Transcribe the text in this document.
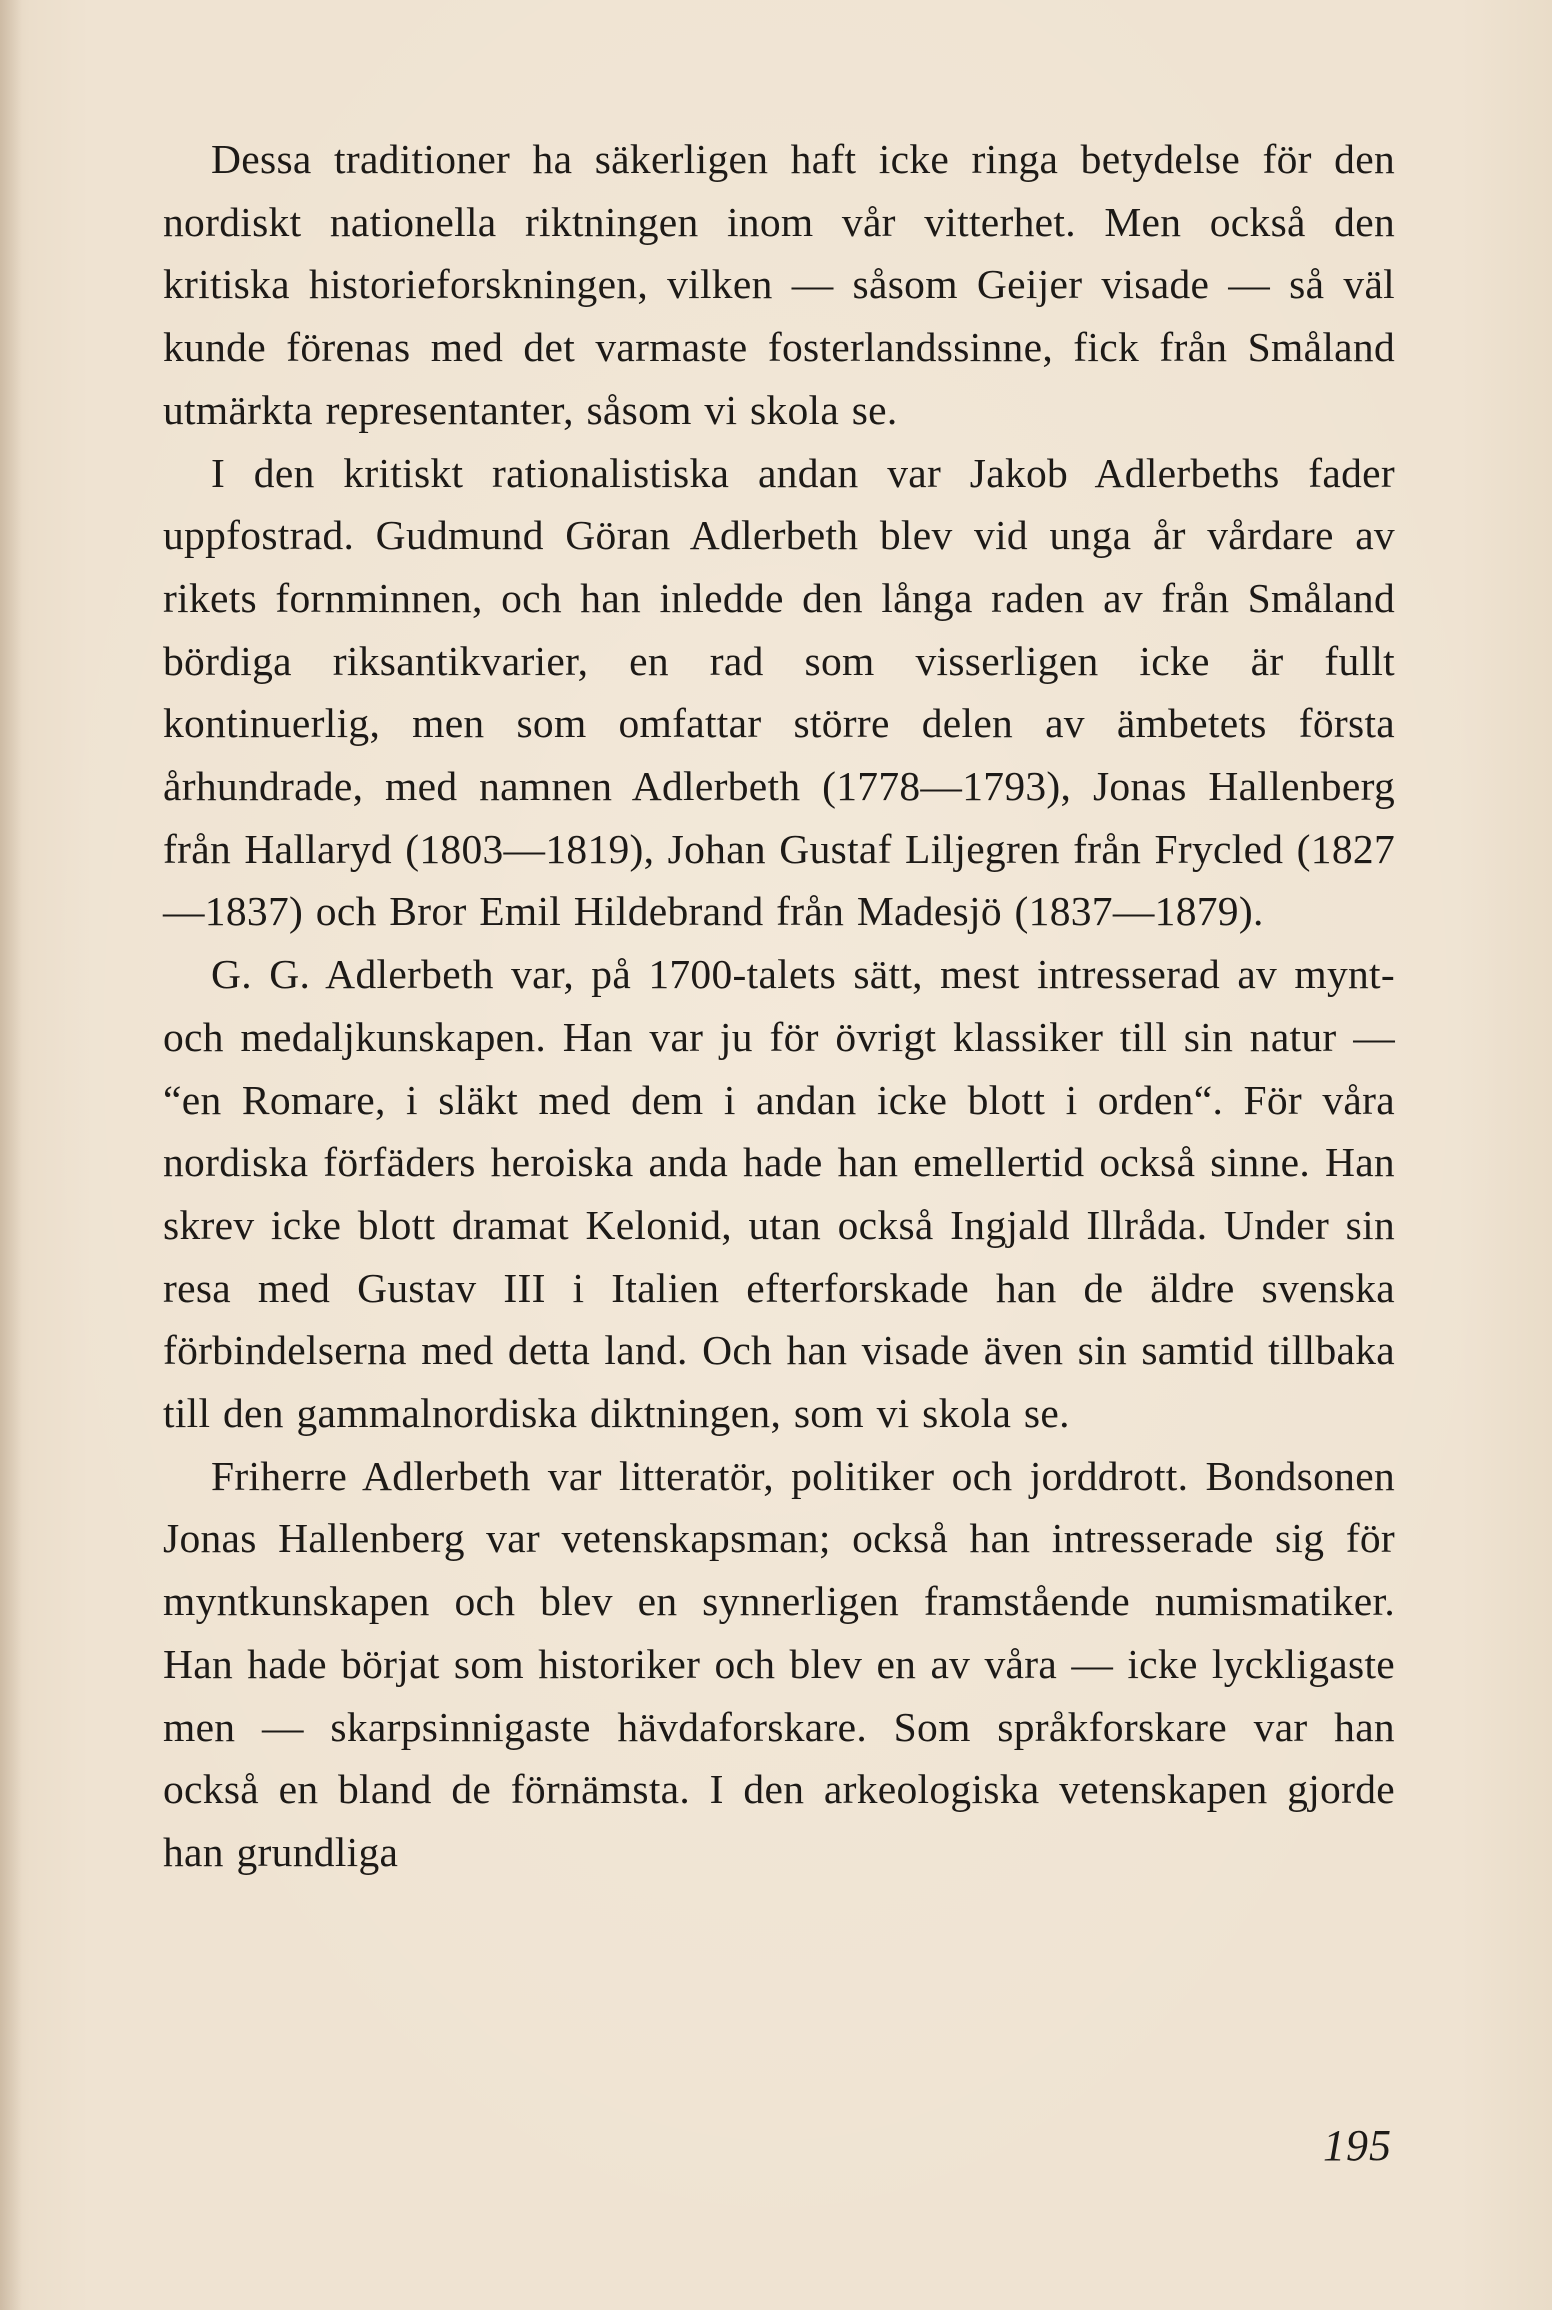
Dessa traditioner ha säkerligen haft icke ringa betydelse för den nordiskt nationella riktningen inom vår vitterhet. Men också den kritiska historieforskningen, vilken — såsom Geijer visade — så väl kunde förenas med det varmaste fosterlandssinne, fick från Småland utmärkta representanter, såsom vi skola se.

I den kritiskt rationalistiska andan var Jakob Adlerbeths fader uppfostrad. Gudmund Göran Adlerbeth blev vid unga år vårdare av rikets fornminnen, och han inledde den långa raden av från Småland bördiga riksantikvarier, en rad som visserligen icke är fullt kontinuerlig, men som omfattar större delen av ämbetets första århundrade, med namnen Adlerbeth (1778—1793), Jonas Hallenberg från Hallaryd (1803—1819), Johan Gustaf Liljegren från Frycled (1827—1837) och Bror Emil Hildebrand från Madesjö (1837—1879).

G. G. Adlerbeth var, på 1700-talets sätt, mest intresserad av mynt- och medaljkunskapen. Han var ju för övrigt klassiker till sin natur — “en Romare, i släkt med dem i andan icke blott i orden“. För våra nordiska förfäders heroiska anda hade han emellertid också sinne. Han skrev icke blott dramat Kelonid, utan också Ingjald Illråda. Under sin resa med Gustav III i Italien efterforskade han de äldre svenska förbindelserna med detta land. Och han visade även sin samtid tillbaka till den gammalnordiska diktningen, som vi skola se.

Friherre Adlerbeth var litteratör, politiker och jorddrott. Bondsonen Jonas Hallenberg var vetenskapsman; också han intresserade sig för myntkunskapen och blev en synnerligen framstående numismatiker. Han hade börjat som historiker och blev en av våra — icke lyckligaste men — skarpsinnigaste hävdaforskare. Som språkforskare var han också en bland de förnämsta. I den arkeologiska vetenskapen gjorde han grundliga

195
